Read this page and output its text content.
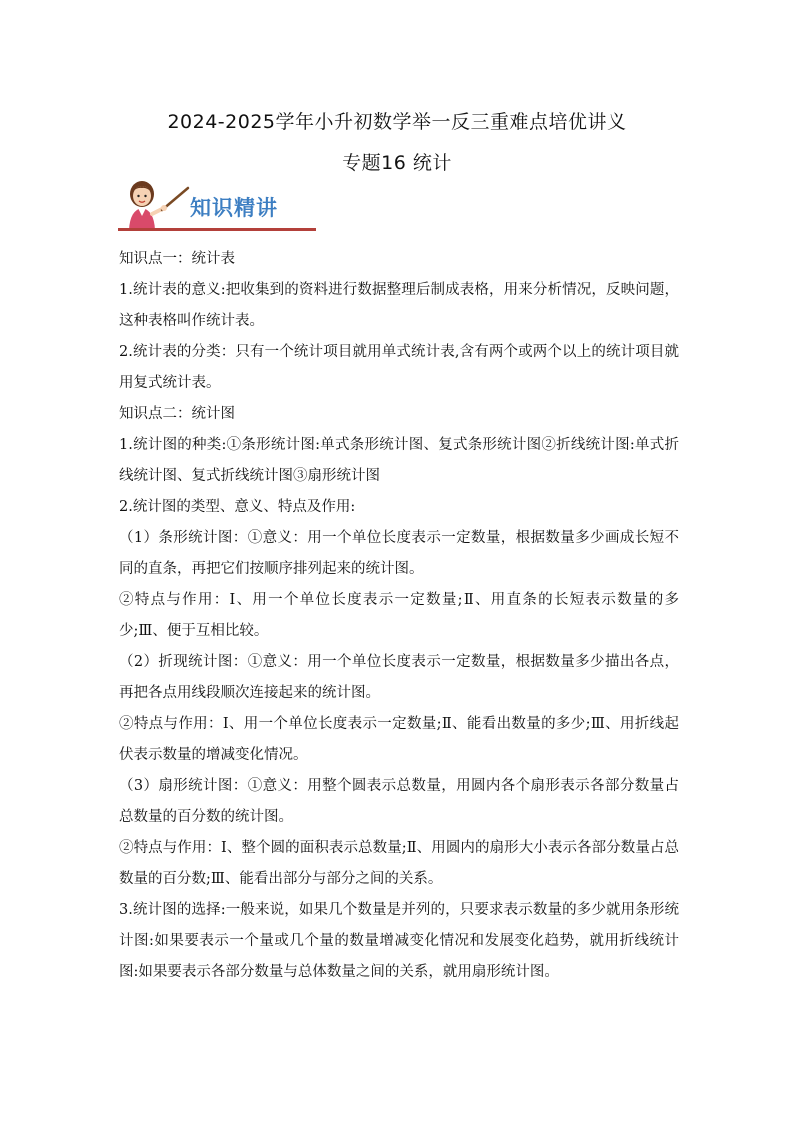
2024-2025学年小升初数学举一反三重难点培优讲义
专题16 统计
知识精讲

知识点一：统计表

1.统计表的意义:把收集到的资料进行数据整理后制成表格，用来分析情况，反映问题，这种表格叫作统计表。

2.统计表的分类：只有一个统计项目就用单式统计表,含有两个或两个以上的统计项目就用复式统计表。

知识点二：统计图

1.统计图的种类:①条形统计图:单式条形统计图、复式条形统计图②折线统计图:单式折线统计图、复式折线统计图③扇形统计图

2.统计图的类型、意义、特点及作用:

（1）条形统计图：①意义：用一个单位长度表示一定数量，根据数量多少画成长短不同的直条，再把它们按顺序排列起来的统计图。

②特点与作用：Ⅰ、用一个单位长度表示一定数量;Ⅱ、用直条的长短表示数量的多少;Ⅲ、便于互相比较。

（2）折现统计图：①意义：用一个单位长度表示一定数量，根据数量多少描出各点，再把各点用线段顺次连接起来的统计图。

②特点与作用：Ⅰ、用一个单位长度表示一定数量;Ⅱ、能看出数量的多少;Ⅲ、用折线起伏表示数量的增减变化情况。

（3）扇形统计图：①意义：用整个圆表示总数量，用圆内各个扇形表示各部分数量占总数量的百分数的统计图。

②特点与作用：Ⅰ、整个圆的面积表示总数量;Ⅱ、用圆内的扇形大小表示各部分数量占总数量的百分数;Ⅲ、能看出部分与部分之间的关系。

3.统计图的选择:一般来说，如果几个数量是并列的，只要求表示数量的多少就用条形统计图:如果要表示一个量或几个量的数量增减变化情况和发展变化趋势，就用折线统计图:如果要表示各部分数量与总体数量之间的关系，就用扇形统计图。
